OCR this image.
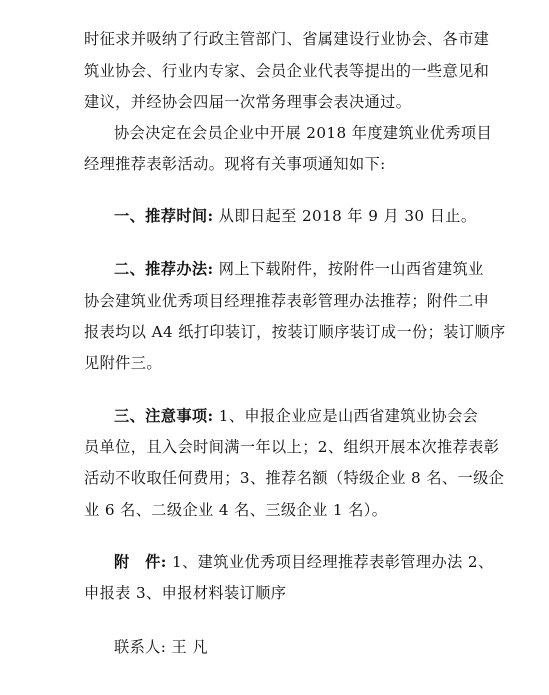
时征求并吸纳了行政主管部门、省属建设行业协会、各市建
筑业协会、行业内专家、会员企业代表等提出的一些意见和
建议，并经协会四届一次常务理事会表决通过。
协会决定在会员企业中开展 2018 年度建筑业优秀项目
经理推荐表彰活动。现将有关事项通知如下:
一、推荐时间: 从即日起至 2018 年 9 月 30 日止。
二、推荐办法: 网上下载附件，按附件一山西省建筑业
协会建筑业优秀项目经理推荐表彰管理办法推荐；附件二申
报表均以 A4 纸打印装订，按装订顺序装订成一份；装订顺序
见附件三。
三、注意事项: 1、申报企业应是山西省建筑业协会会
员单位，且入会时间满一年以上；2、组织开展本次推荐表彰
活动不收取任何费用；3、推荐名额（特级企业 8 名、一级企
业 6 名、二级企业 4 名、三级企业 1 名）。
附　件: 1、建筑业优秀项目经理推荐表彰管理办法 2、
申报表 3、申报材料装订顺序
联系人: 王 凡
